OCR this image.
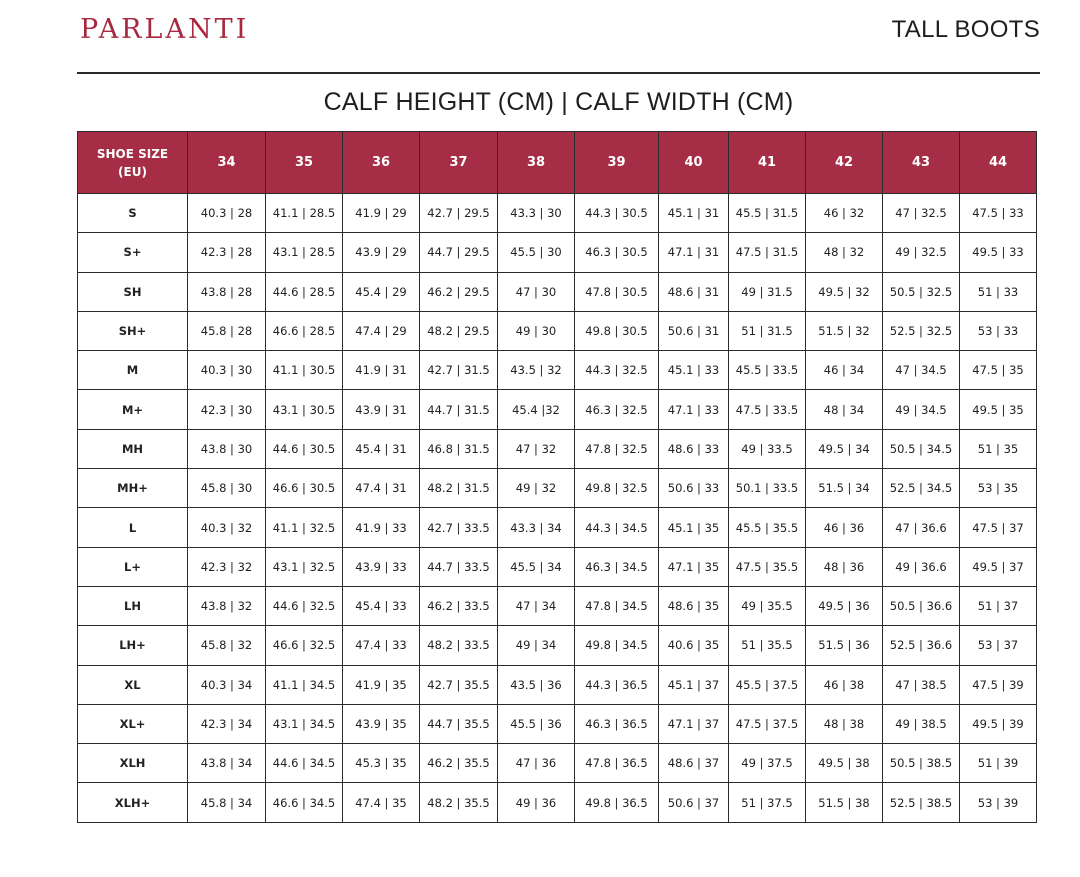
PARLANTI	TALL BOOTS
CALF HEIGHT (CM) | CALF WIDTH (CM)
SHOE SIZE
(EU)	34	35	36	37	38	39	40	41	42	43	44
S	40.3 | 28	41.1 | 28.5	41.9 | 29	42.7 | 29.5	43.3 | 30	44.3 | 30.5	45.1 | 31	45.5 | 31.5	46 | 32	47 | 32.5	47.5 | 33
S+	42.3 | 28	43.1 | 28.5	43.9 | 29	44.7 | 29.5	45.5 | 30	46.3 | 30.5	47.1 | 31	47.5 | 31.5	48 | 32	49 | 32.5	49.5 | 33
SH	43.8 | 28	44.6 | 28.5	45.4 | 29	46.2 | 29.5	47 | 30	47.8 | 30.5	48.6 | 31	49 | 31.5	49.5 | 32	50.5 | 32.5	51 | 33
SH+	45.8 | 28	46.6 | 28.5	47.4 | 29	48.2 | 29.5	49 | 30	49.8 | 30.5	50.6 | 31	51 | 31.5	51.5 | 32	52.5 | 32.5	53 | 33
M	40.3 | 30	41.1 | 30.5	41.9 | 31	42.7 | 31.5	43.5 | 32	44.3 | 32.5	45.1 | 33	45.5 | 33.5	46 | 34	47 | 34.5	47.5 | 35
M+	42.3 | 30	43.1 | 30.5	43.9 | 31	44.7 | 31.5	45.4 |32	46.3 | 32.5	47.1 | 33	47.5 | 33.5	48 | 34	49 | 34.5	49.5 | 35
MH	43.8 | 30	44.6 | 30.5	45.4 | 31	46.8 | 31.5	47 | 32	47.8 | 32.5	48.6 | 33	49 | 33.5	49.5 | 34	50.5 | 34.5	51 | 35
MH+	45.8 | 30	46.6 | 30.5	47.4 | 31	48.2 | 31.5	49 | 32	49.8 | 32.5	50.6 | 33	50.1 | 33.5	51.5 | 34	52.5 | 34.5	53 | 35
L	40.3 | 32	41.1 | 32.5	41.9 | 33	42.7 | 33.5	43.3 | 34	44.3 | 34.5	45.1 | 35	45.5 | 35.5	46 | 36	47 | 36.6	47.5 | 37
L+	42.3 | 32	43.1 | 32.5	43.9 | 33	44.7 | 33.5	45.5 | 34	46.3 | 34.5	47.1 | 35	47.5 | 35.5	48 | 36	49 | 36.6	49.5 | 37
LH	43.8 | 32	44.6 | 32.5	45.4 | 33	46.2 | 33.5	47 | 34	47.8 | 34.5	48.6 | 35	49 | 35.5	49.5 | 36	50.5 | 36.6	51 | 37
LH+	45.8 | 32	46.6 | 32.5	47.4 | 33	48.2 | 33.5	49 | 34	49.8 | 34.5	40.6 | 35	51 | 35.5	51.5 | 36	52.5 | 36.6	53 | 37
XL	40.3 | 34	41.1 | 34.5	41.9 | 35	42.7 | 35.5	43.5 | 36	44.3 | 36.5	45.1 | 37	45.5 | 37.5	46 | 38	47 | 38.5	47.5 | 39
XL+	42.3 | 34	43.1 | 34.5	43.9 | 35	44.7 | 35.5	45.5 | 36	46.3 | 36.5	47.1 | 37	47.5 | 37.5	48 | 38	49 | 38.5	49.5 | 39
XLH	43.8 | 34	44.6 | 34.5	45.3 | 35	46.2 | 35.5	47 | 36	47.8 | 36.5	48.6 | 37	49 | 37.5	49.5 | 38	50.5 | 38.5	51 | 39
XLH+	45.8 | 34	46.6 | 34.5	47.4 | 35	48.2 | 35.5	49 | 36	49.8 | 36.5	50.6 | 37	51 | 37.5	51.5 | 38	52.5 | 38.5	53 | 39
